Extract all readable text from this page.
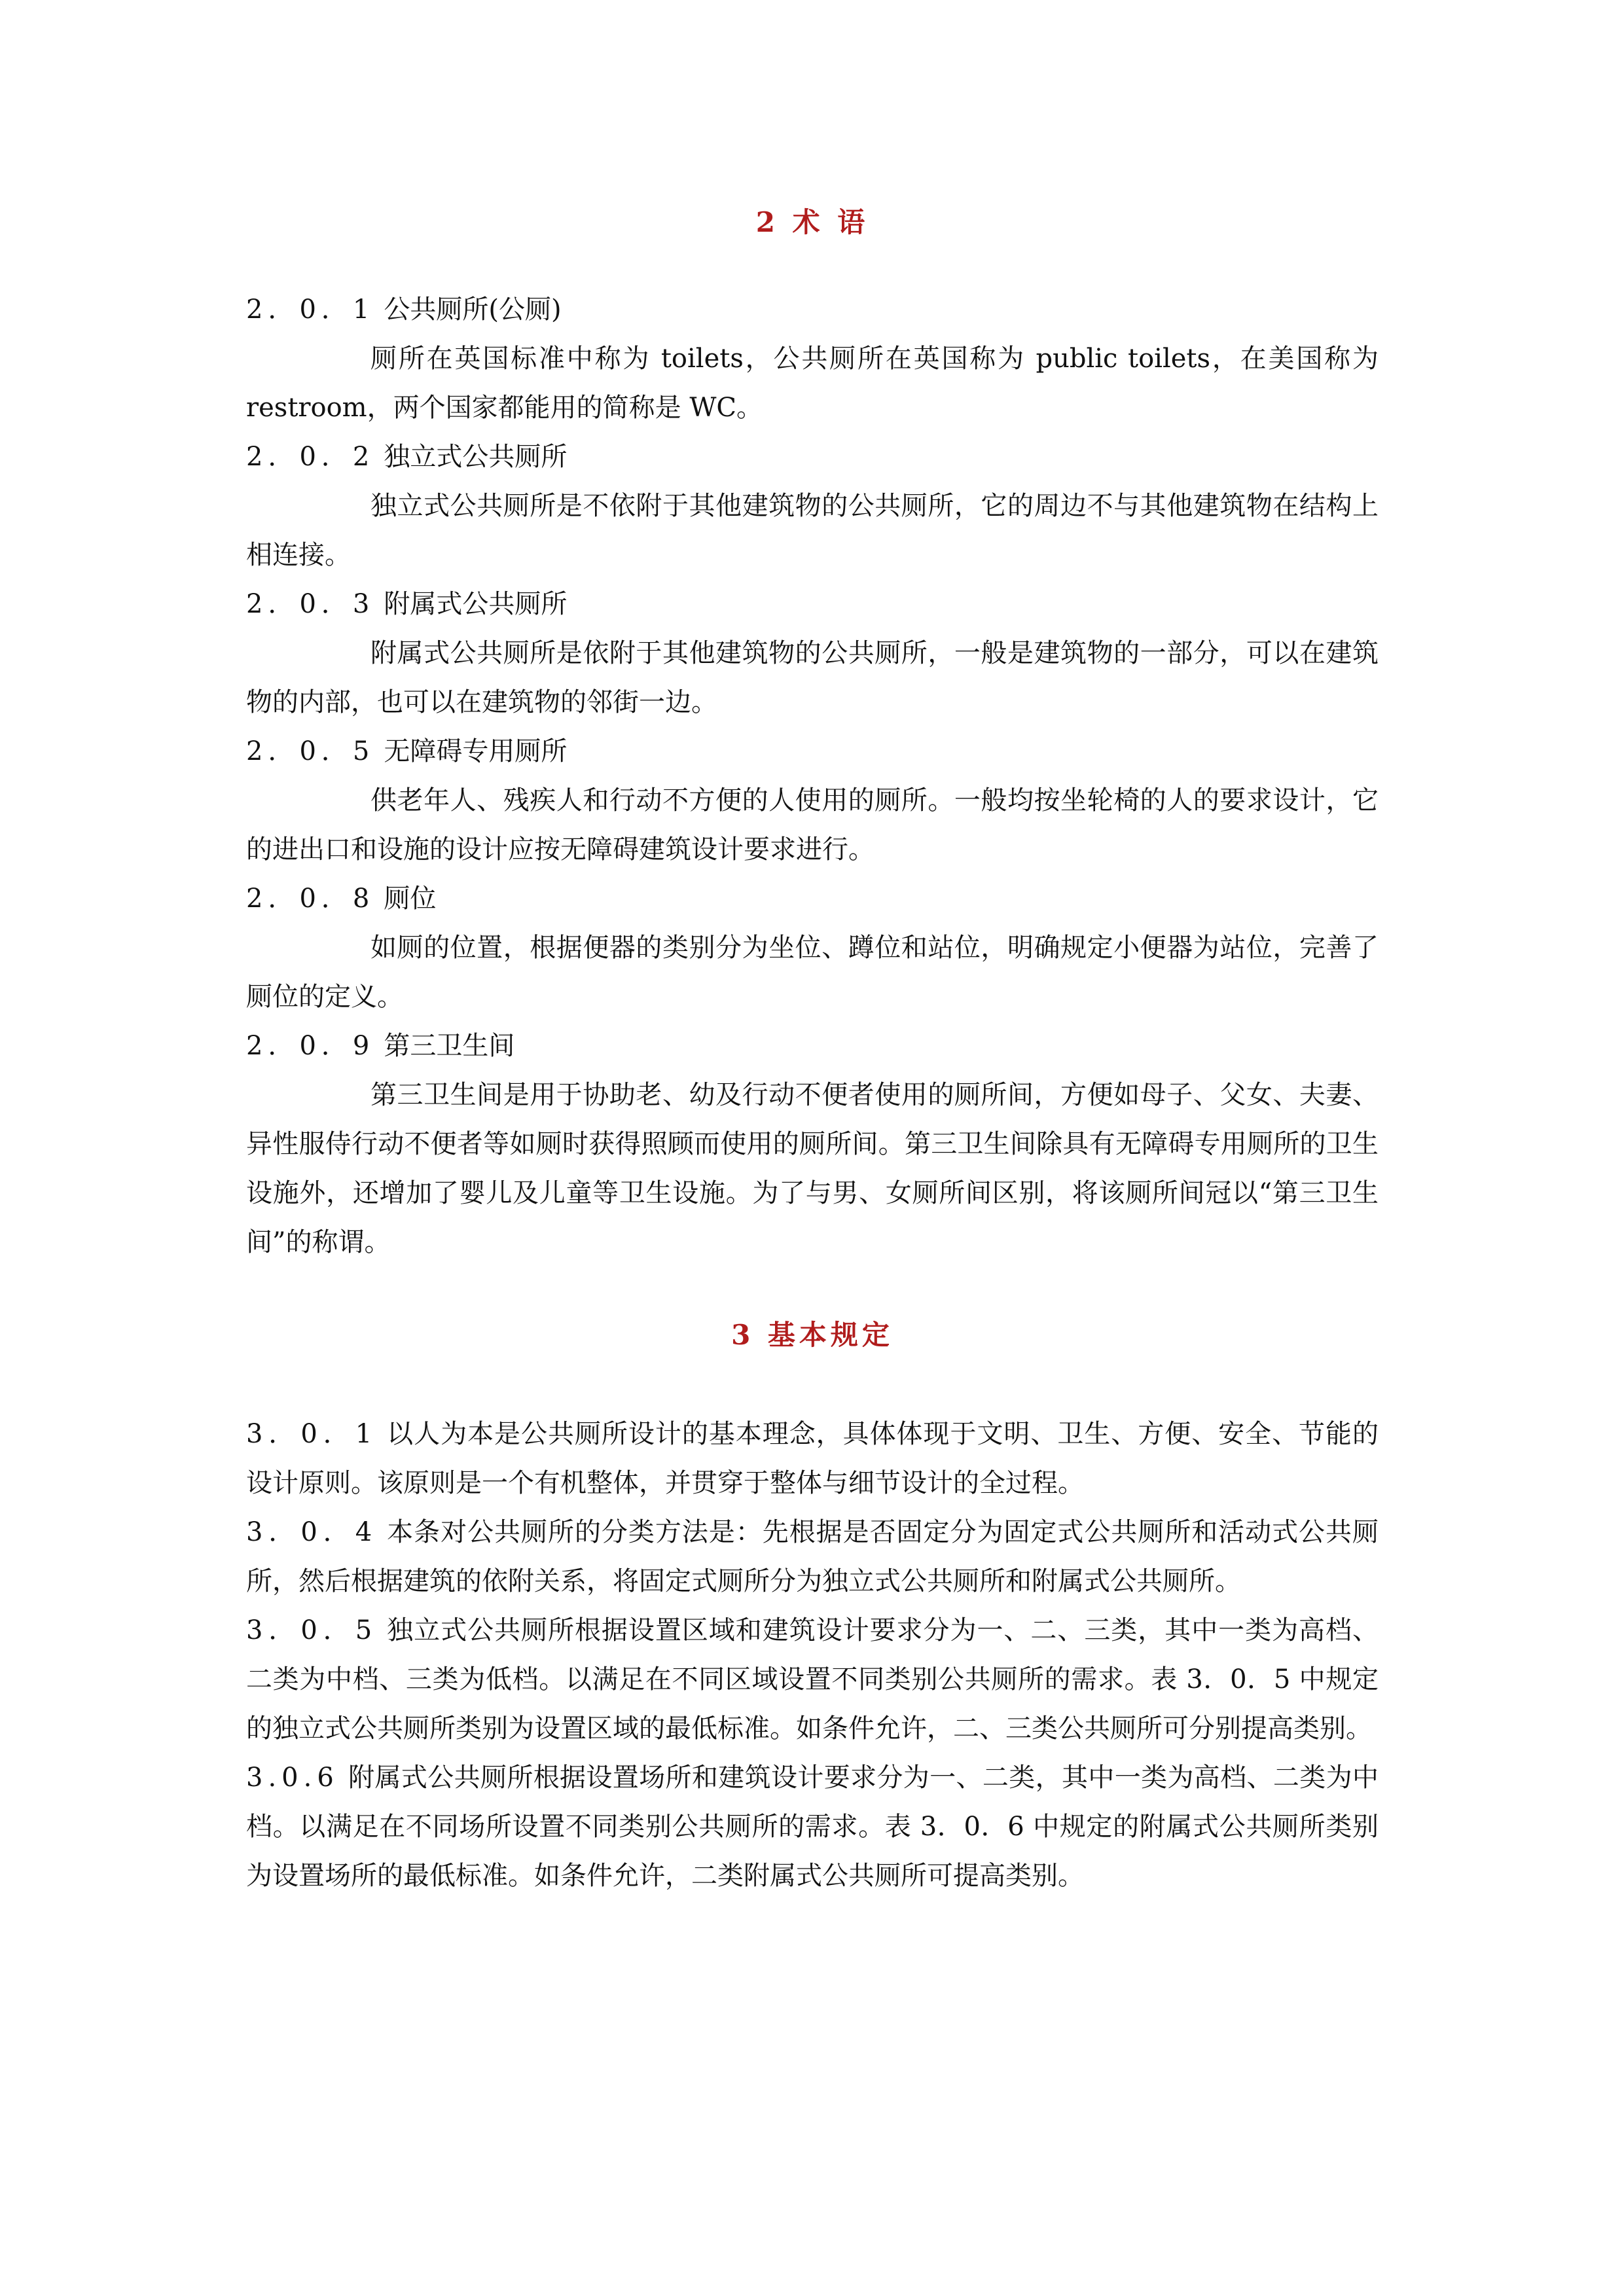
2 术 语
2．0．1 公共厕所(公厕)
厕所在英国标准中称为 toilets，公共厕所在英国称为 public toilets，在美国称为 restroom，两个国家都能用的简称是 WC。
2．0．2 独立式公共厕所
独立式公共厕所是不依附于其他建筑物的公共厕所，它的周边不与其他建筑物在结构上相连接。
2．0．3 附属式公共厕所
附属式公共厕所是依附于其他建筑物的公共厕所，一般是建筑物的一部分，可以在建筑物的内部，也可以在建筑物的邻街一边。
2．0．5 无障碍专用厕所
供老年人、残疾人和行动不方便的人使用的厕所。一般均按坐轮椅的人的要求设计，它的进出口和设施的设计应按无障碍建筑设计要求进行。
2．0．8 厕位
如厕的位置，根据便器的类别分为坐位、蹲位和站位，明确规定小便器为站位，完善了厕位的定义。
2．0．9 第三卫生间
第三卫生间是用于协助老、幼及行动不便者使用的厕所间，方便如母子、父女、夫妻、异性服侍行动不便者等如厕时获得照顾而使用的厕所间。第三卫生间除具有无障碍专用厕所的卫生设施外，还增加了婴儿及儿童等卫生设施。为了与男、女厕所间区别，将该厕所间冠以“第三卫生间”的称谓。
3 基本规定
3．0．1 以人为本是公共厕所设计的基本理念，具体体现于文明、卫生、方便、安全、节能的设计原则。该原则是一个有机整体，并贯穿于整体与细节设计的全过程。
3．0．4 本条对公共厕所的分类方法是：先根据是否固定分为固定式公共厕所和活动式公共厕所，然后根据建筑的依附关系，将固定式厕所分为独立式公共厕所和附属式公共厕所。
3．0．5 独立式公共厕所根据设置区域和建筑设计要求分为一、二、三类，其中一类为高档、二类为中档、三类为低档。以满足在不同区域设置不同类别公共厕所的需求。表 3．0．5 中规定的独立式公共厕所类别为设置区域的最低标准。如条件允许，二、三类公共厕所可分别提高类别。
3.0.6 附属式公共厕所根据设置场所和建筑设计要求分为一、二类，其中一类为高档、二类为中档。以满足在不同场所设置不同类别公共厕所的需求。表 3．0．6 中规定的附属式公共厕所类别为设置场所的最低标准。如条件允许，二类附属式公共厕所可提高类别。
